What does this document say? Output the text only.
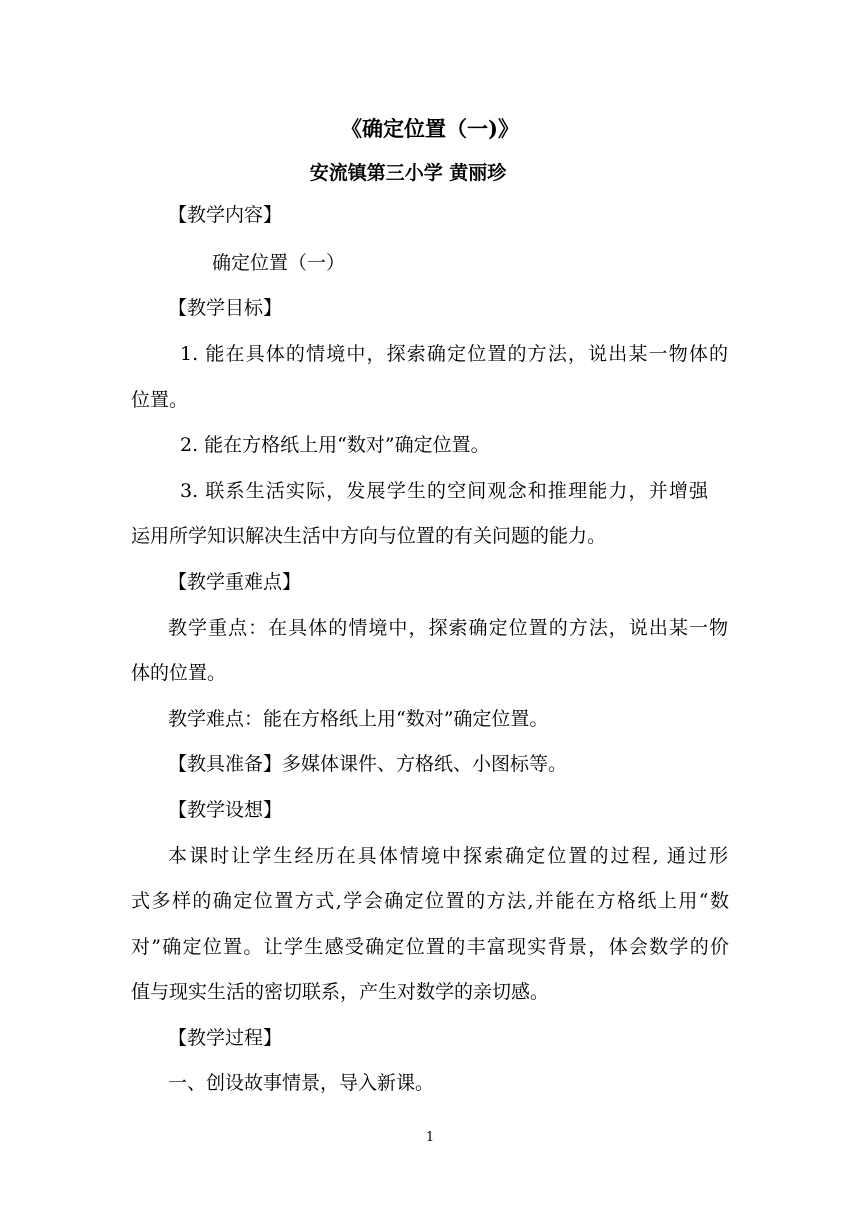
《确定位置（一)》
安流镇第三小学 黄丽珍
【教学内容】
确定位置（一）
【教学目标】
1. 能在具体的情境中，探索确定位置的方法，说出某一物体的
位置。
2. 能在方格纸上用“数对”确定位置。
3. 联系生活实际，发展学生的空间观念和推理能力，并增强
运用所学知识解决生活中方向与位置的有关问题的能力。
【教学重难点】
教学重点：在具体的情境中，探索确定位置的方法，说出某一物
体的位置。
教学难点：能在方格纸上用“数对”确定位置。
【教具准备】多媒体课件、方格纸、小图标等。
【教学设想】
本课时让学生经历在具体情境中探索确定位置的过程, 通过形
式多样的确定位置方式,学会确定位置的方法,并能在方格纸上用“数
对”确定位置。让学生感受确定位置的丰富现实背景，体会数学的价
值与现实生活的密切联系，产生对数学的亲切感。
【教学过程】
一、创设故事情景，导入新课。
1
